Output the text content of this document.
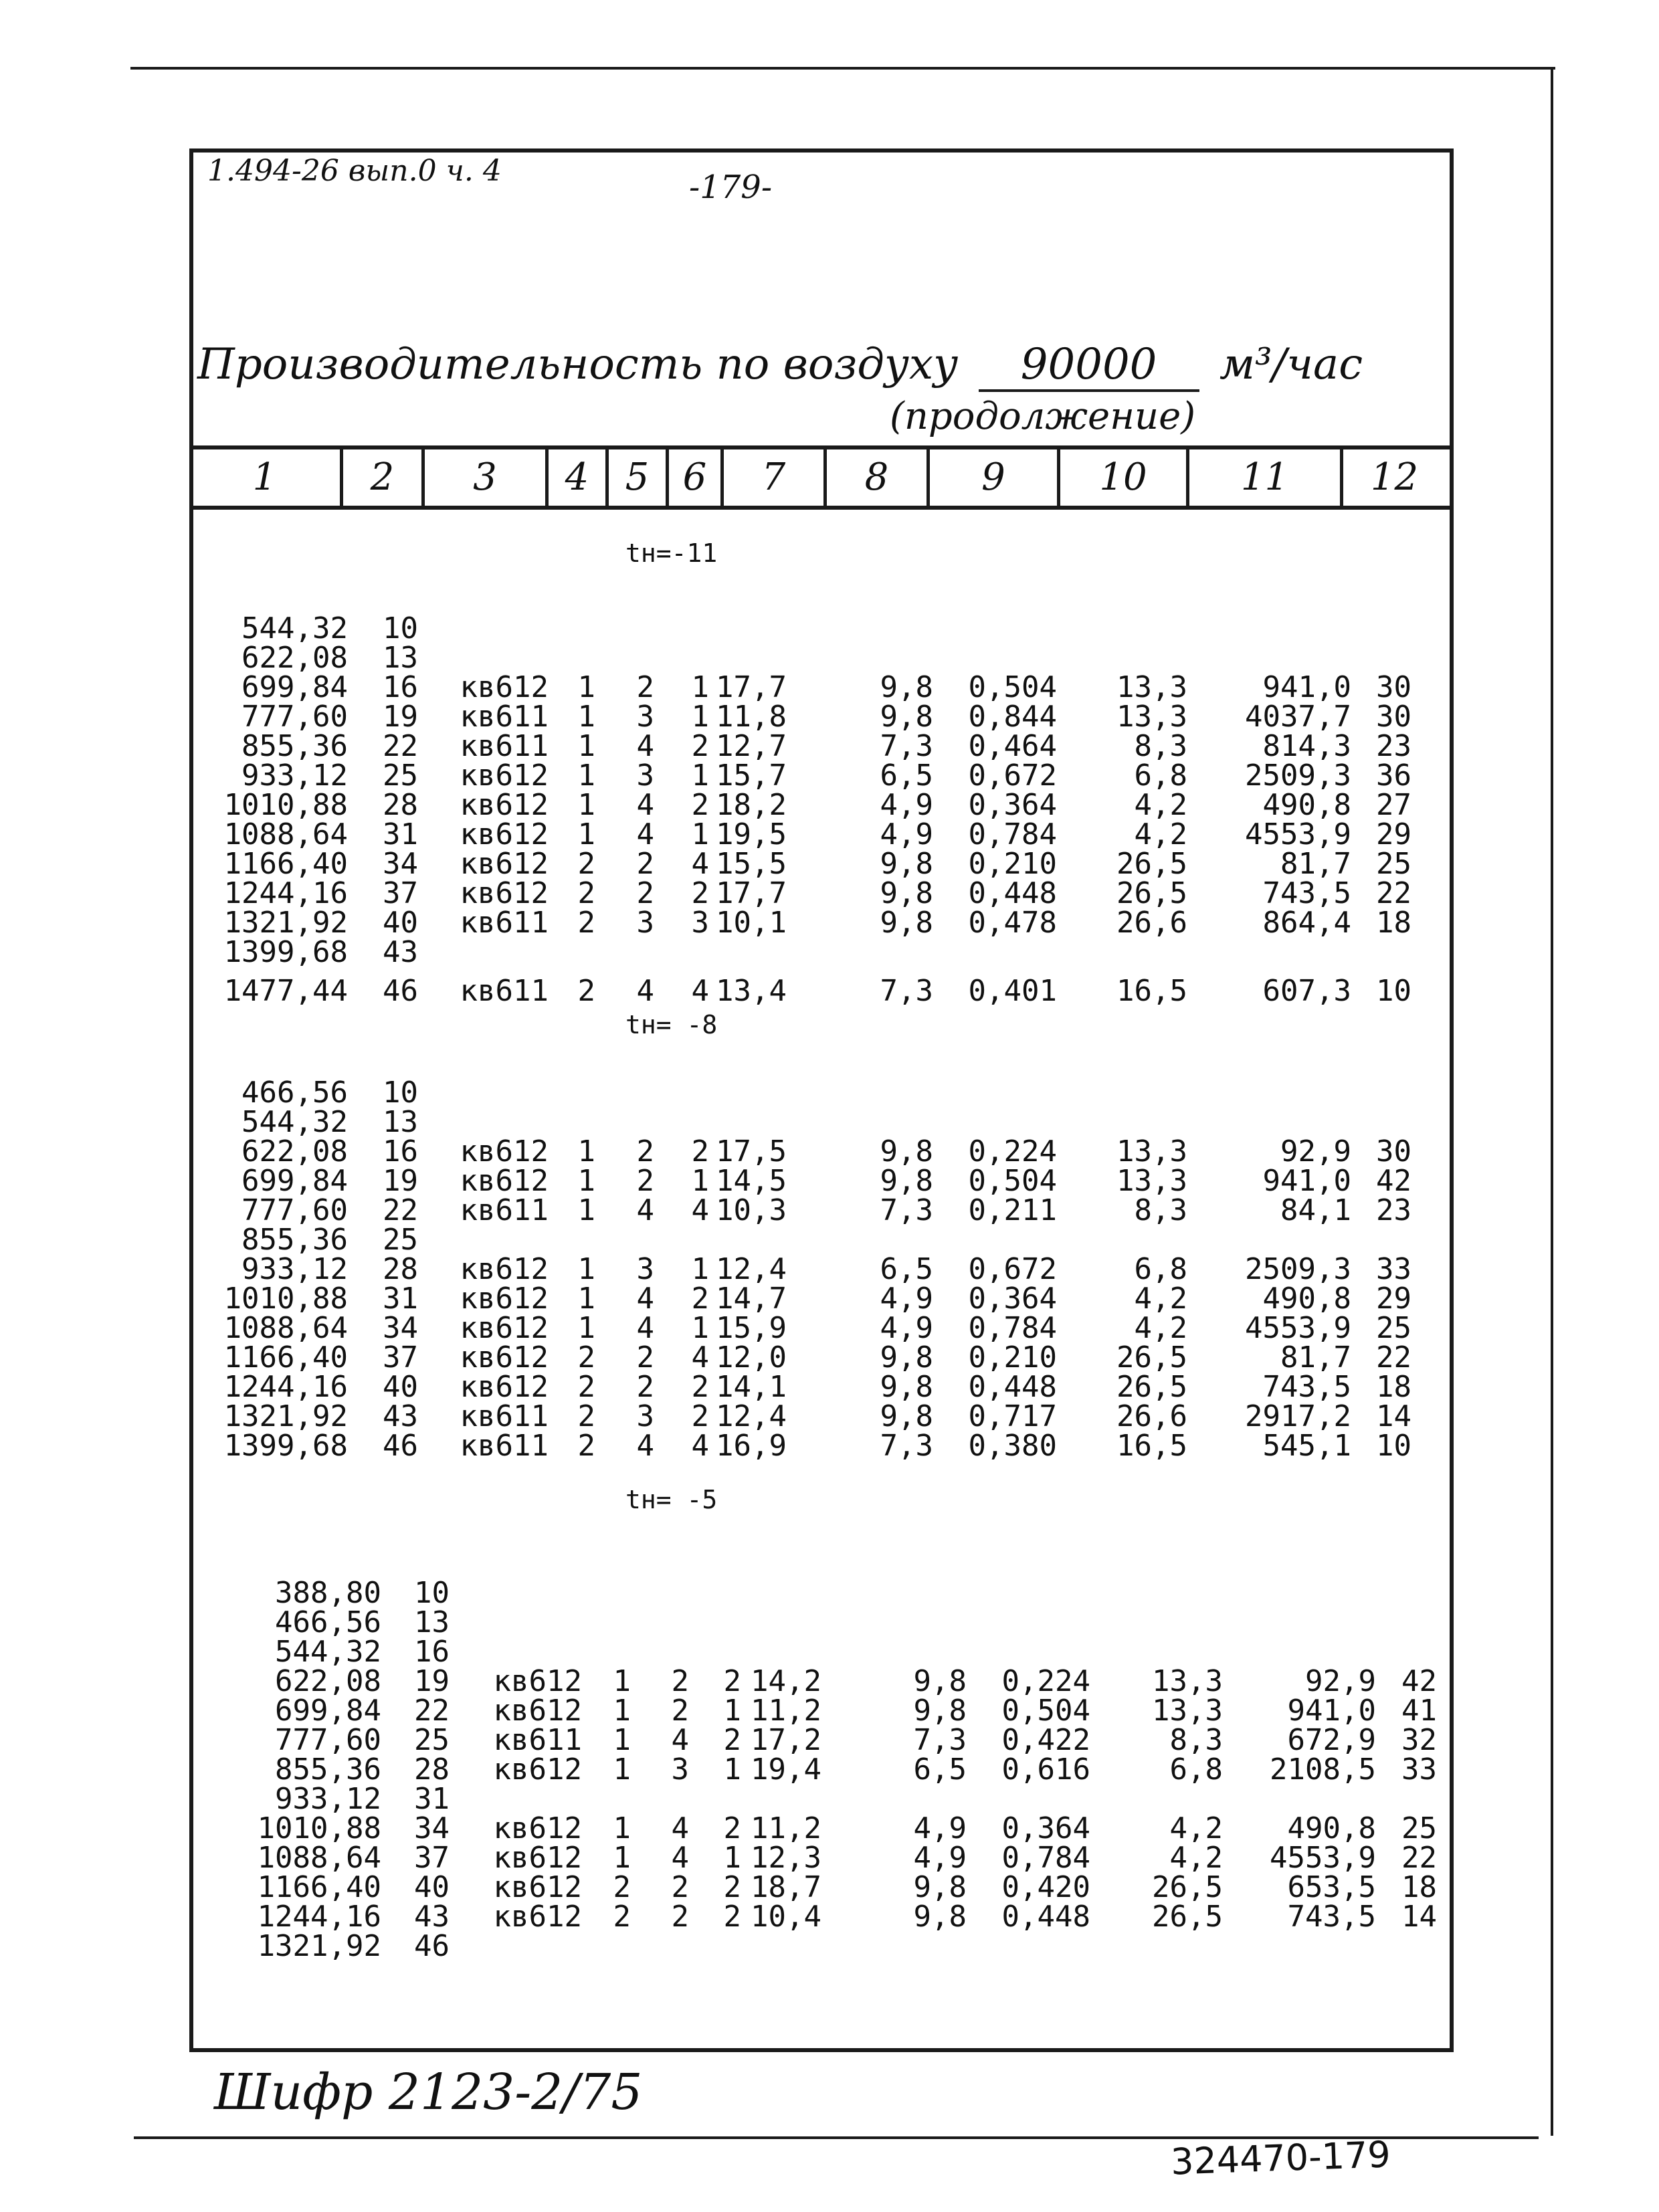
1.494-26 вып.0 ч. 4	-179-
Производительность по воздуху 90000 м³/час
(продолжение)
1	2	3	4 5 6	7	8	9	10	11	12
tн=-11
544,32 10
622,08 13
699,84 16 кв612 1 2 1 17,7	9,8 0,504 13,3	941,0 30
777,60 19 кв611 1 3 1 11,8	9,8 0,844 13,3 4037,7 30
855,36 22 кв611 1 4 2 12,7	7,3 0,464	8,3	814,3 23
933,12 25 кв612 1 3 1 15,7	6,5 0,672	6,8 2509,3 36
1010,88 28 кв612 1 4 2 18,2	4,9 0,364	4,2	490,8 27
1088,64 31 кв612 1 4 1 19,5	4,9 0,784	4,2 4553,9 29
1166,40 34 кв612 2 2 4 15,5	9,8 0,210 26,5	81,7 25
1244,16 37 кв612 2 2 2 17,7	9,8 0,448 26,5	743,5 22
1321,92 40 кв611 2 3 3 10,1	9,8 0,478 26,6	864,4 18
1399,68 43
1477,44 46 кв611 2 4 4 13,4	7,3 0,401 16,5	607,3 10
tн= -8
466,56 10
544,32 13
622,08 16 кв612 1 2 2 17,5	9,8 0,224 13,3	92,9 30
699,84 19 кв612 1 2 1 14,5	9,8 0,504 13,3	941,0 42
777,60 22 кв611 1 4 4 10,3	7,3 0,211	8,3	84,1 23
855,36 25
933,12 28 кв612 1 3 1 12,4	6,5 0,672	6,8 2509,3 33
1010,88 31 кв612 1 4 2 14,7	4,9 0,364	4,2	490,8 29
1088,64 34 кв612 1 4 1 15,9	4,9 0,784	4,2 4553,9 25
1166,40 37 кв612 2 2 4 12,0	9,8 0,210 26,5	81,7 22
1244,16 40 кв612 2 2 2 14,1	9,8 0,448 26,5	743,5 18
1321,92 43 кв611 2 3 2 12,4	9,8 0,717 26,6 2917,2 14
1399,68 46 кв611 2 4 4 16,9	7,3 0,380 16,5	545,1 10
tн= -5
388,80 10
466,56 13
544,32 16
622,08 19 кв612 1 2 2 14,2	9,8 0,224 13,3	92,9 42
699,84 22 кв612 1 2 1 11,2	9,8 0,504 13,3 941,0 41
777,60 25 кв611 1 4 2 17,2	7,3 0,422	8,3 672,9 32
855,36 28 кв612 1 3 1 19,4	6,5 0,616	6,8 2108,5 33
933,12 31
1010,88 34 кв612 1 4 2 11,2	4,9 0,364	4,2 490,8 25
1088,64 37 кв612 1 4 1 12,3	4,9 0,784	4,2 4553,9 22
1166,40 40 кв612 2 2 2 18,7	9,8 0,420 26,5 653,5 18
1244,16 43 кв612 2 2 2 10,4	9,8 0,448 26,5 743,5 14
1321,92 46
Шифр 2123-2/75
324470-179
